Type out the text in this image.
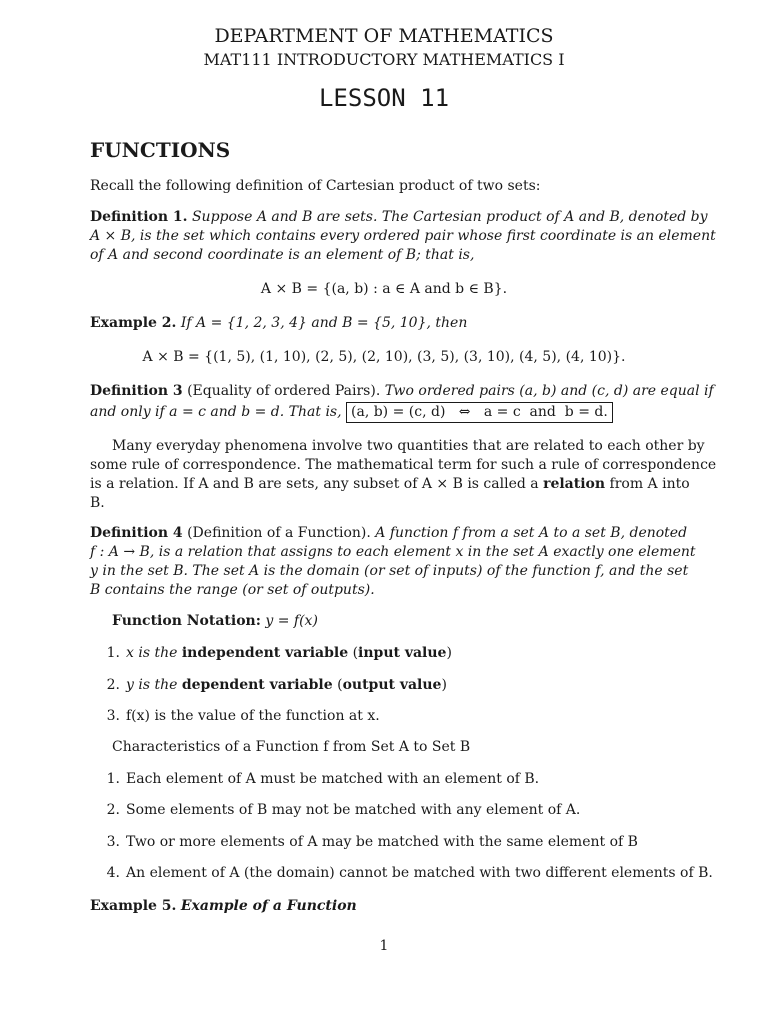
DEPARTMENT OF MATHEMATICS
MAT111 INTRODUCTORY MATHEMATICS I
LESSON 11
FUNCTIONS
Recall the following definition of Cartesian product of two sets:
Definition 1. Suppose A and B are sets. The Cartesian product of A and B, denoted by
A × B, is the set which contains every ordered pair whose first coordinate is an element
of A and second coordinate is an element of B; that is,
A × B = {(a, b) : a ∈ A and b ∈ B}.
Example 2. If A = {1, 2, 3, 4} and B = {5, 10}, then
A × B = {(1, 5), (1, 10), (2, 5), (2, 10), (3, 5), (3, 10), (4, 5), (4, 10)}.
Definition 3 (Equality of ordered Pairs). Two ordered pairs (a, b) and (c, d) are equal if
and only if a = c and b = d. That is, (a, b) = (c, d)   ⇔   a = c  and  b = d.
Many everyday phenomena involve two quantities that are related to each other by
some rule of correspondence. The mathematical term for such a rule of correspondence
is a relation. If A and B are sets, any subset of A × B is called a relation from A into
B.
Definition 4 (Definition of a Function). A function f from a set A to a set B, denoted
f : A → B, is a relation that assigns to each element x in the set A exactly one element
y in the set B. The set A is the domain (or set of inputs) of the function f, and the set
B contains the range (or set of outputs).
Function Notation: y = f(x)
1. x is the independent variable (input value)
2. y is the dependent variable (output value)
3. f(x) is the value of the function at x.
Characteristics of a Function f from Set A to Set B
1. Each element of A must be matched with an element of B.
2. Some elements of B may not be matched with any element of A.
3. Two or more elements of A may be matched with the same element of B
4. An element of A (the domain) cannot be matched with two different elements of B.
Example 5. Example of a Function
1
